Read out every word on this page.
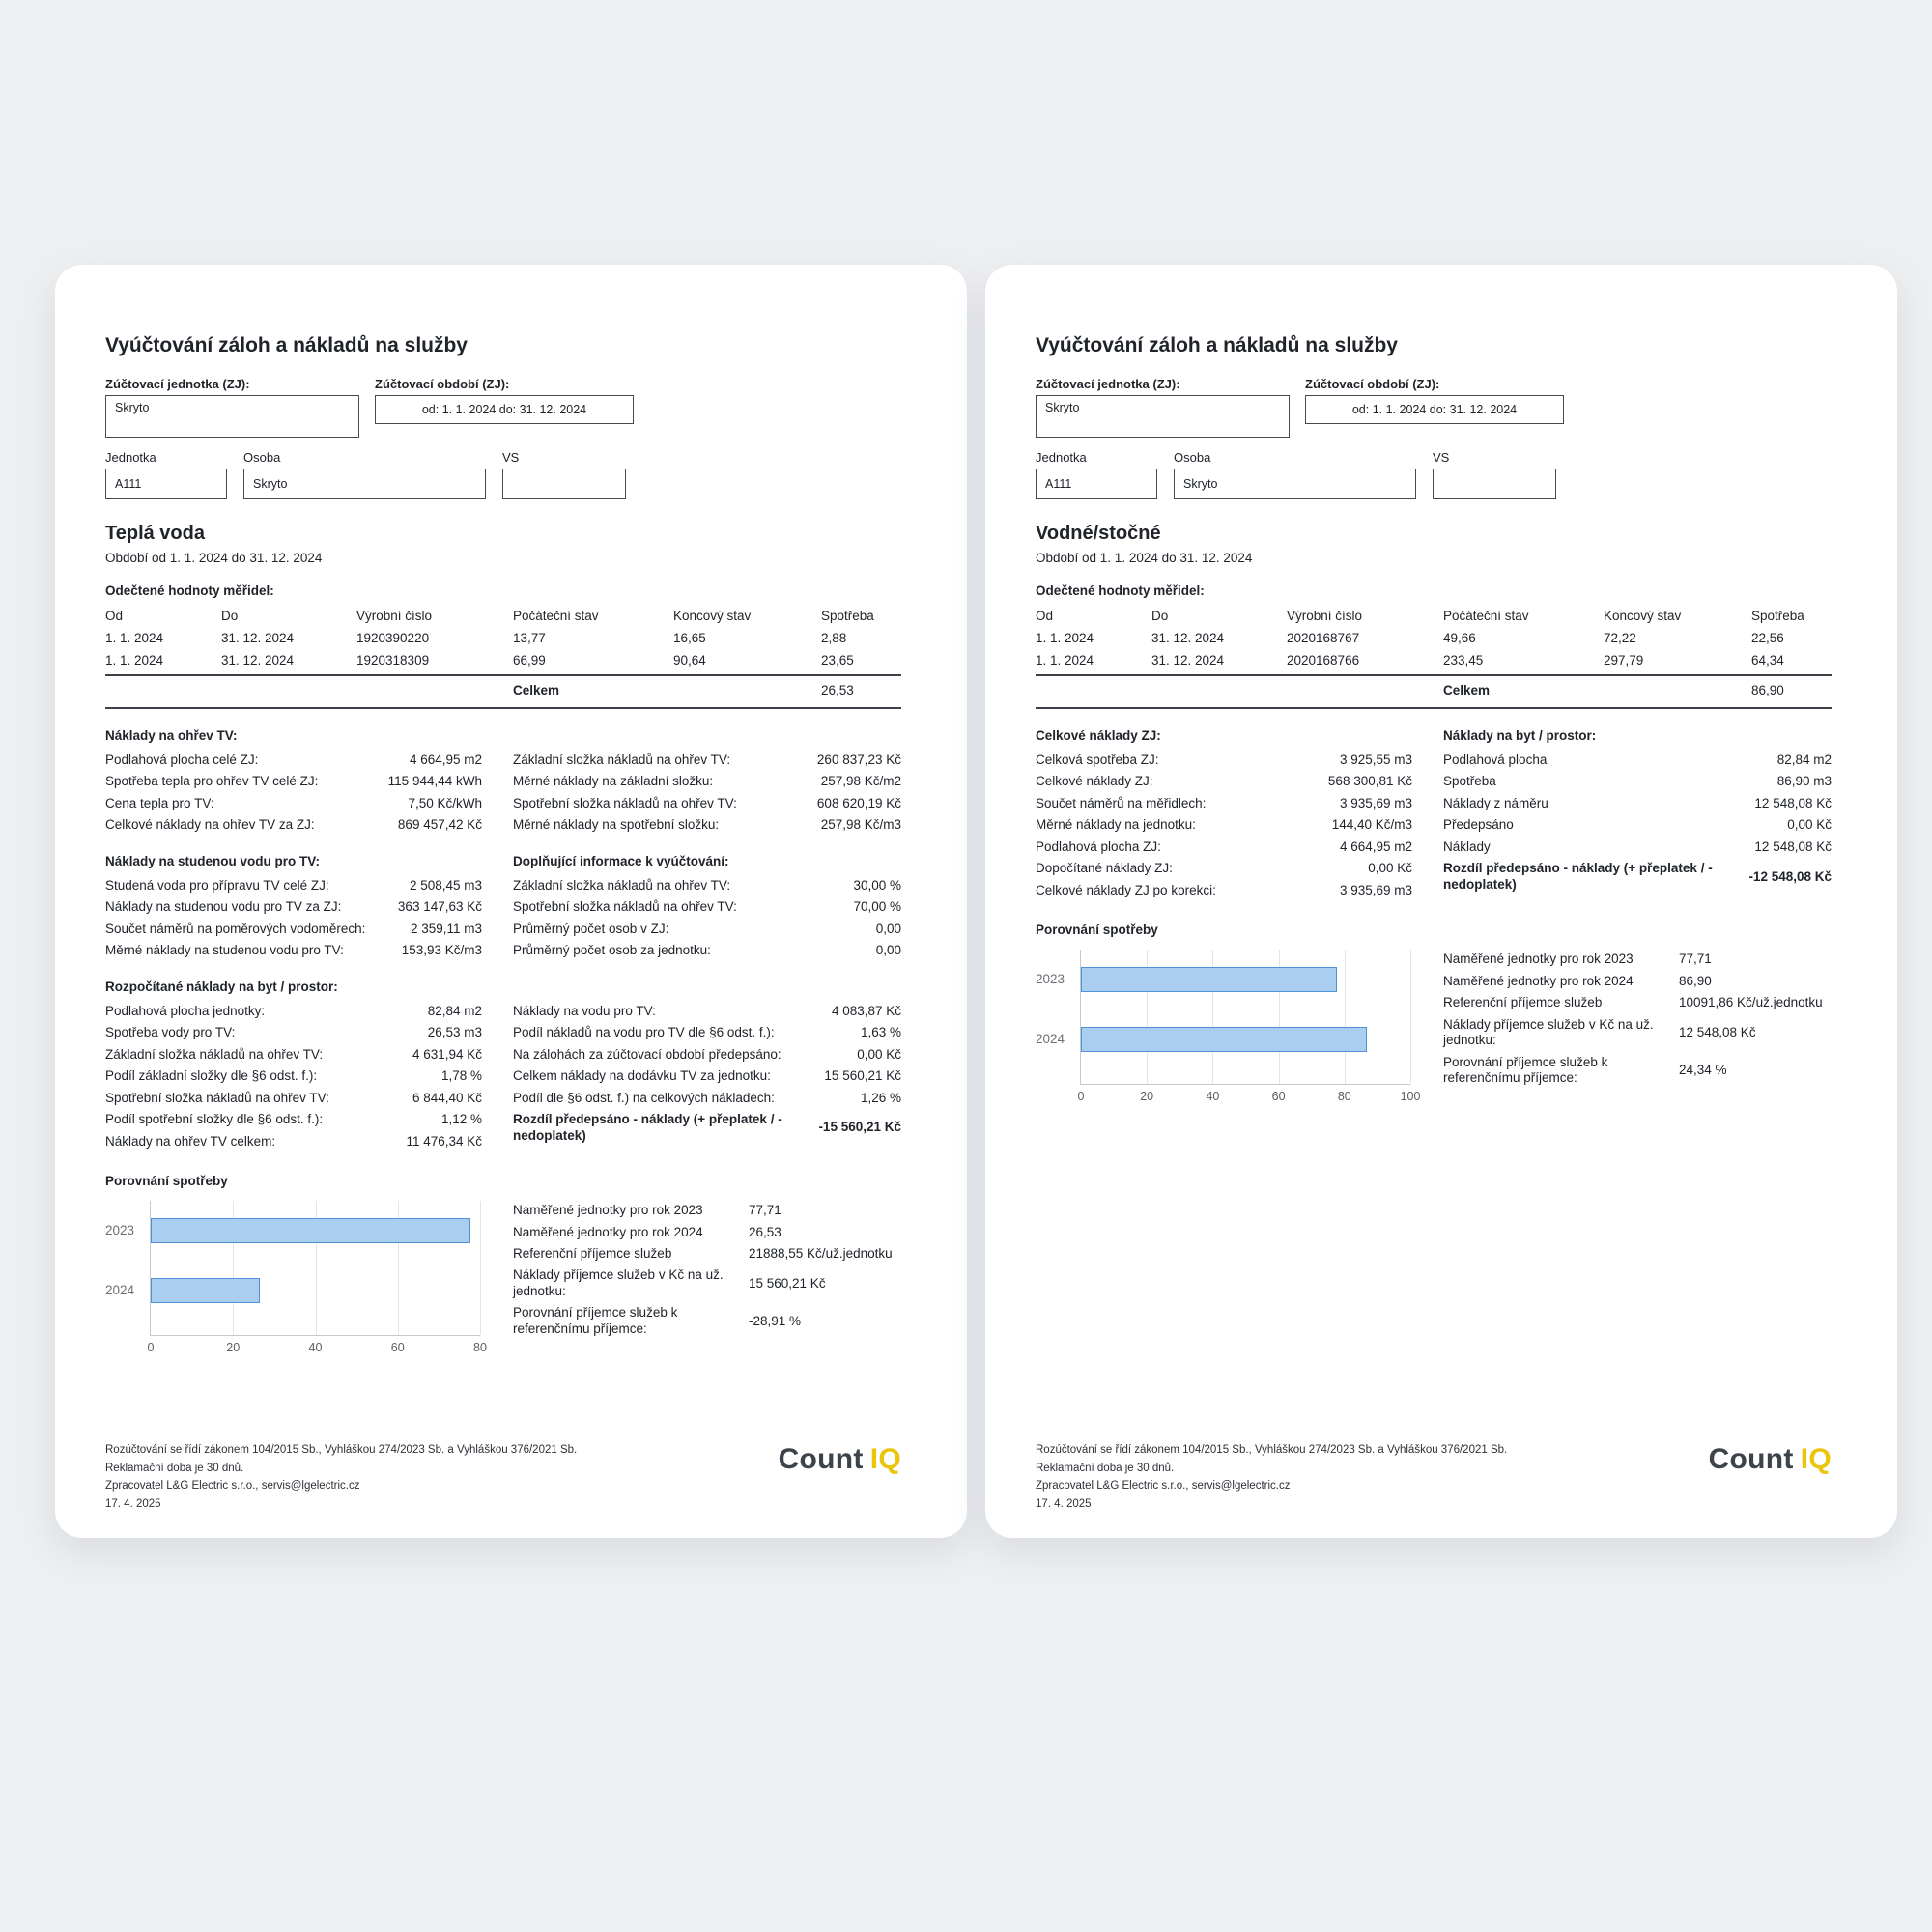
Vyúčtování záloh a nákladů na služby
Zúčtovací jednotka (ZJ):
Skryto
Zúčtovací období (ZJ):
od: 1. 1. 2024 do: 31. 12. 2024
Jednotka
A111
Osoba
Skryto
VS
Teplá voda
Období od 1. 1. 2024 do 31. 12. 2024
Odečtené hodnoty měřidel:
Od	Do	Výrobní číslo	Počáteční stav	Koncový stav	Spotřeba
1. 1. 2024	31. 12. 2024	1920390220	13,77	16,65	2,88
1. 1. 2024	31. 12. 2024	1920318309	66,99	90,64	23,65
Celkem	26,53
Náklady na ohřev TV:
Podlahová plocha celé ZJ:	4 664,95 m2
Spotřeba tepla pro ohřev TV celé ZJ:	115 944,44 kWh
Cena tepla pro TV:	7,50 Kč/kWh
Celkové náklady na ohřev TV za ZJ:	869 457,42 Kč
Základní složka nákladů na ohřev TV:	260 837,23 Kč
Měrné náklady na základní složku:	257,98 Kč/m2
Spotřební složka nákladů na ohřev TV:	608 620,19 Kč
Měrné náklady na spotřební složku:	257,98 Kč/m3
Náklady na studenou vodu pro TV:
Studená voda pro přípravu TV celé ZJ:	2 508,45 m3
Náklady na studenou vodu pro TV za ZJ:	363 147,63 Kč
Součet náměrů na poměrových vodoměrech:	2 359,11 m3
Měrné náklady na studenou vodu pro TV:	153,93 Kč/m3
Doplňující informace k vyúčtování:
Základní složka nákladů na ohřev TV:	30,00 %
Spotřební složka nákladů na ohřev TV:	70,00 %
Průměrný počet osob v ZJ:	0,00
Průměrný počet osob za jednotku:	0,00
Rozpočítané náklady na byt / prostor:
Podlahová plocha jednotky:	82,84 m2
Spotřeba vody pro TV:	26,53 m3
Základní složka nákladů na ohřev TV:	4 631,94 Kč
Podíl základní složky dle §6 odst. f.):	1,78 %
Spotřební složka nákladů na ohřev TV:	6 844,40 Kč
Podíl spotřební složky dle §6 odst. f.):	1,12 %
Náklady na ohřev TV celkem:	11 476,34 Kč
Náklady na vodu pro TV:	4 083,87 Kč
Podíl nákladů na vodu pro TV dle §6 odst. f.):	1,63 %
Na zálohách za zúčtovací období předepsáno:	0,00 Kč
Celkem náklady na dodávku TV za jednotku:	15 560,21 Kč
Podíl dle §6 odst. f.) na celkových nákladech:	1,26 %
Rozdíl předepsáno - náklady (+ přeplatek / - nedoplatek)
-15 560,21 Kč
Porovnání spotřeby
2023
2024
0	20	40	60	80
Naměřené jednotky pro rok 2023	77,71
Naměřené jednotky pro rok 2024	26,53
Referenční příjemce služeb	21888,55 Kč/už.jednotku
Náklady příjemce služeb v Kč na už. jednotku:
15 560,21 Kč
Porovnání příjemce služeb k referenčnímu příjemce:
-28,91 %
Rozúčtování se řídí zákonem 104/2015 Sb., Vyhláškou 274/2023 Sb. a Vyhláškou 376/2021 Sb.
Reklamační doba je 30 dnů.
Zpracovatel L&G Electric s.r.o., servis@lgelectric.cz
17. 4. 2025
Count IQ
Vyúčtování záloh a nákladů na služby
Zúčtovací jednotka (ZJ):
Skryto
Zúčtovací období (ZJ):
od: 1. 1. 2024 do: 31. 12. 2024
Jednotka
A111
Osoba
Skryto
VS
Vodné/stočné
Období od 1. 1. 2024 do 31. 12. 2024
Odečtené hodnoty měřidel:
Od	Do	Výrobní číslo	Počáteční stav	Koncový stav	Spotřeba
1. 1. 2024	31. 12. 2024	2020168767	49,66	72,22	22,56
1. 1. 2024	31. 12. 2024	2020168766	233,45	297,79	64,34
Celkem	86,90
Celkové náklady ZJ:
Celková spotřeba ZJ:	3 925,55 m3
Celkové náklady ZJ:	568 300,81 Kč
Součet náměrů na měřidlech:	3 935,69 m3
Měrné náklady na jednotku:	144,40 Kč/m3
Podlahová plocha ZJ:	4 664,95 m2
Dopočítané náklady ZJ:	0,00 Kč
Celkové náklady ZJ po korekci:	3 935,69 m3
Náklady na byt / prostor:
Podlahová plocha	82,84 m2
Spotřeba	86,90 m3
Náklady z náměru	12 548,08 Kč
Předepsáno	0,00 Kč
Náklady	12 548,08 Kč
Rozdíl předepsáno - náklady (+ přeplatek / - nedoplatek)
-12 548,08 Kč
Porovnání spotřeby
2023
2024
0	20	40	60	80	100
Naměřené jednotky pro rok 2023	77,71
Naměřené jednotky pro rok 2024	86,90
Referenční příjemce služeb	10091,86 Kč/už.jednotku
Náklady příjemce služeb v Kč na už. jednotku:
12 548,08 Kč
Porovnání příjemce služeb k referenčnímu příjemce:
24,34 %
Rozúčtování se řídí zákonem 104/2015 Sb., Vyhláškou 274/2023 Sb. a Vyhláškou 376/2021 Sb.
Reklamační doba je 30 dnů.
Zpracovatel L&G Electric s.r.o., servis@lgelectric.cz
17. 4. 2025
Count IQ
